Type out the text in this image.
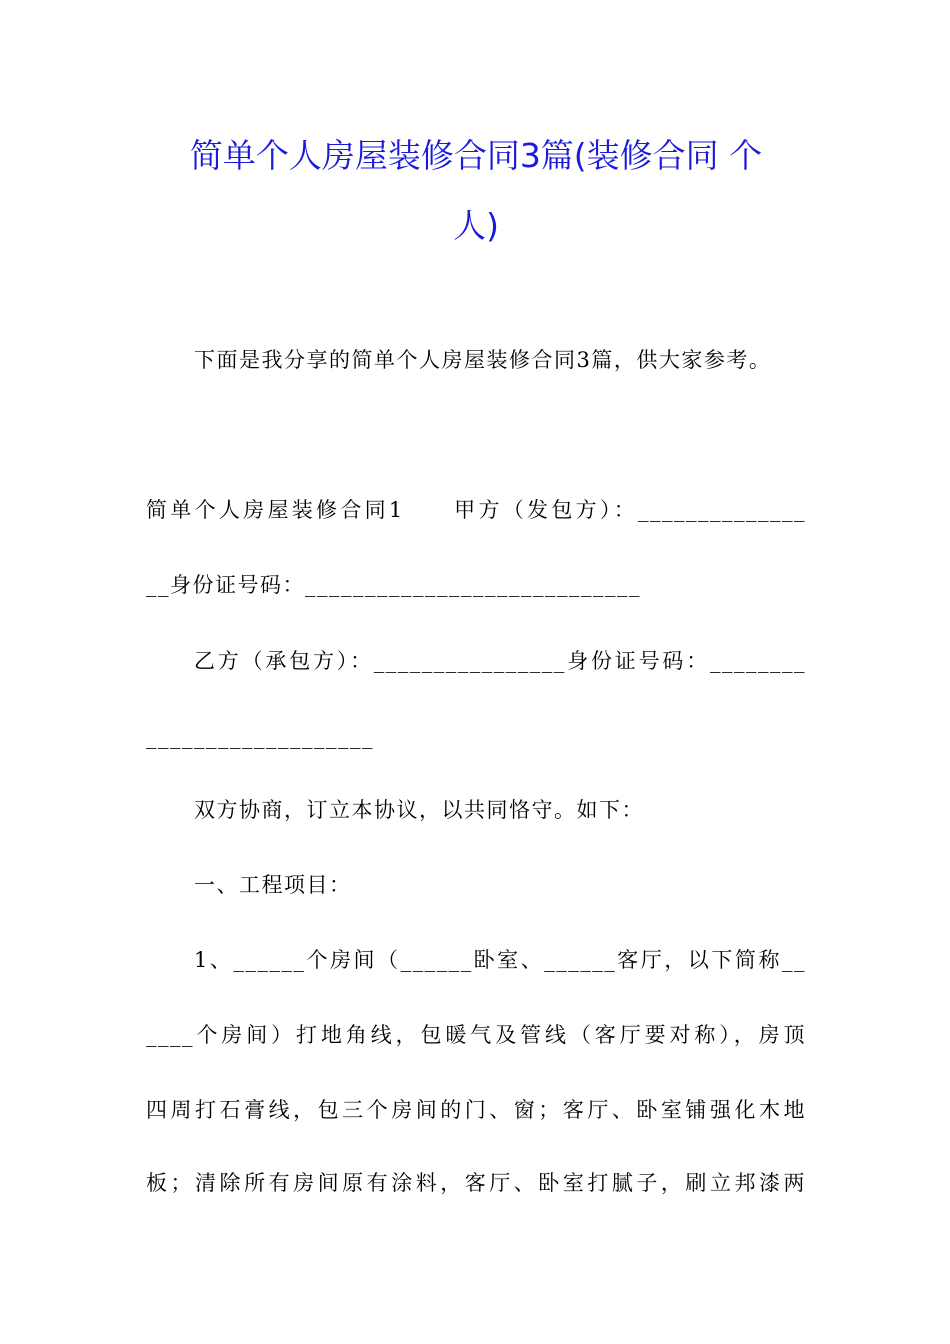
简单个人房屋装修合同3篇(装修合同 个
人)
下面是我分享的简单个人房屋装修合同3篇，供大家参考。
简单个人房屋装修合同1　　甲方（发包方）：______________
__身份证号码：____________________________
乙方（承包方）：________________身份证号码：________
___________________
双方协商，订立本协议，以共同恪守。如下：
一、工程项目：
1、______个房间（______卧室、______客厅，以下简称__
____个房间）打地角线，包暖气及管线（客厅要对称），房顶
四周打石膏线，包三个房间的门、窗；客厅、卧室铺强化木地
板；清除所有房间原有涂料，客厅、卧室打腻子，刷立邦漆两
